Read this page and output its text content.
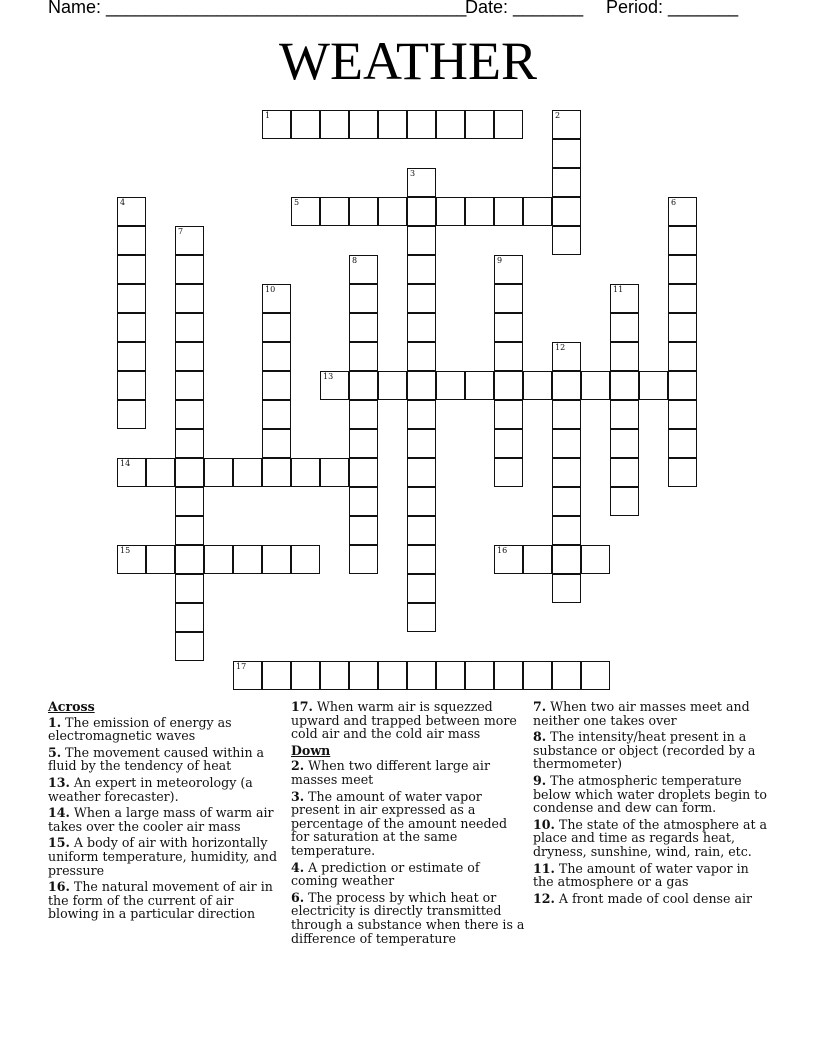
Name: ____________________________________
Date: _______ Period: _______
WEATHER
1	2
3
4	5	6
7
8	9
10	11
12
13
14
15	16
17
Across
1. The emission of energy as electromagnetic waves
5. The movement caused within a fluid by the tendency of heat
13. An expert in meteorology (a weather forecaster).
14. When a large mass of warm air takes over the cooler air mass
15. A body of air with horizontally uniform temperature, humidity, and pressure
16. The natural movement of air in the form of the current of air blowing in a particular direction
17. When warm air is squezzed upward and trapped between more cold air and the cold air mass
Down
2. When two different large air masses meet
3. The amount of water vapor present in air expressed as a percentage of the amount needed for saturation at the same temperature.
4. A prediction or estimate of coming weather
6. The process by which heat or electricity is directly transmitted through a substance when there is a difference of temperature
7. When two air masses meet and neither one takes over
8. The intensity/heat present in a substance or object (recorded by a thermometer)
9. The atmospheric temperature below which water droplets begin to condense and dew can form.
10. The state of the atmosphere at a place and time as regards heat, dryness, sunshine, wind, rain, etc.
11. The amount of water vapor in the atmosphere or a gas
12. A front made of cool dense air
